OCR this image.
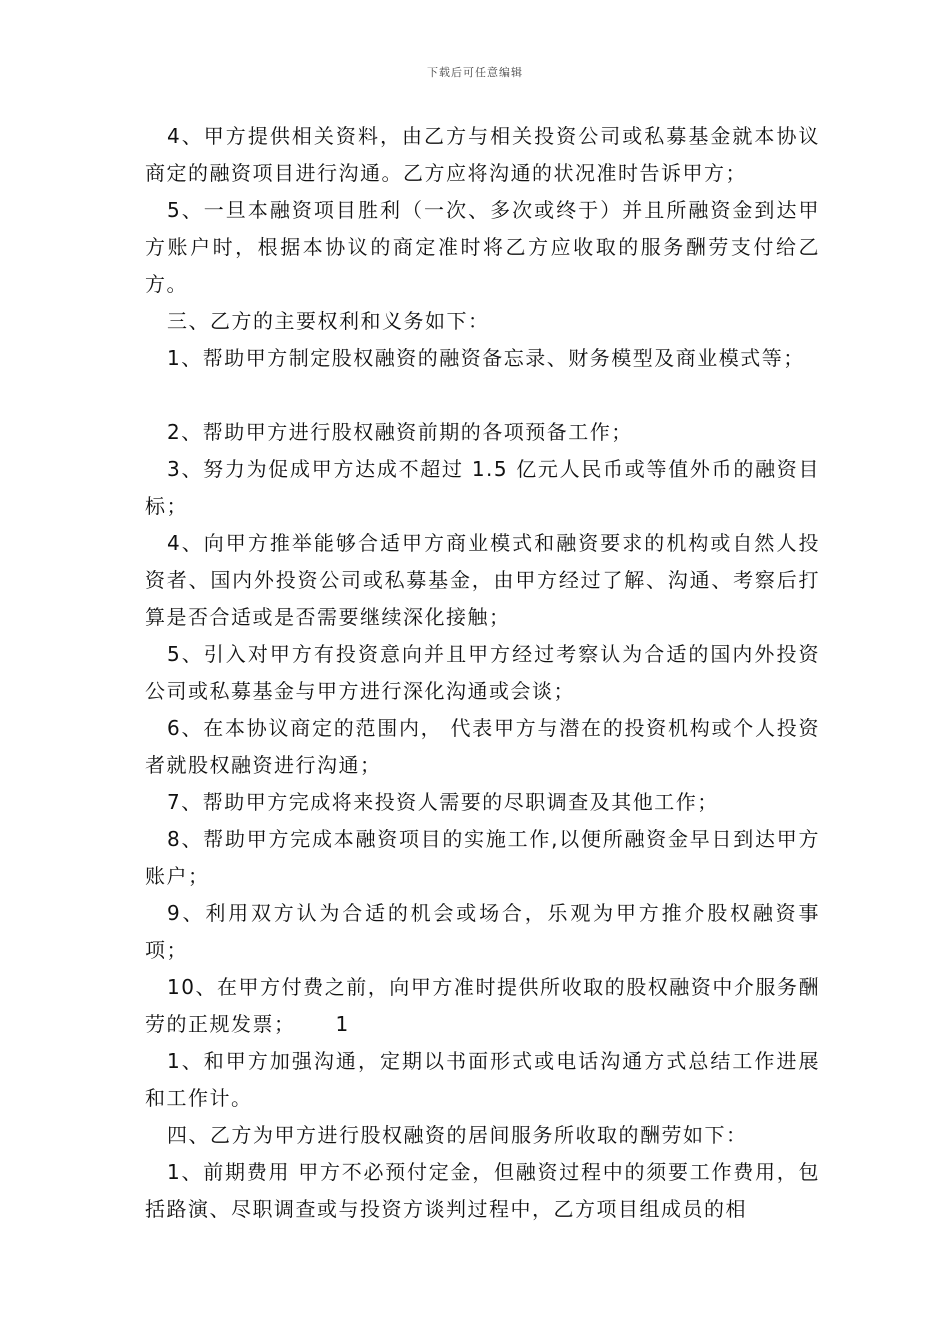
下载后可任意编辑

4、甲方提供相关资料，由乙方与相关投资公司或私募基金就本协议商定的融资项目进行沟通。乙方应将沟通的状况准时告诉甲方；

5、一旦本融资项目胜利（一次、多次或终于）并且所融资金到达甲方账户时，根据本协议的商定准时将乙方应收取的服务酬劳支付给乙方。

三、乙方的主要权利和义务如下：

1、帮助甲方制定股权融资的融资备忘录、财务模型及商业模式等；

2、帮助甲方进行股权融资前期的各项预备工作；

3、努力为促成甲方达成不超过 1.5 亿元人民币或等值外币的融资目标；

4、向甲方推举能够合适甲方商业模式和融资要求的机构或自然人投资者、国内外投资公司或私募基金，由甲方经过了解、沟通、考察后打算是否合适或是否需要继续深化接触；

5、引入对甲方有投资意向并且甲方经过考察认为合适的国内外投资公司或私募基金与甲方进行深化沟通或会谈；

6、在本协议商定的范围内， 代表甲方与潜在的投资机构或个人投资者就股权融资进行沟通；

7、帮助甲方完成将来投资人需要的尽职调查及其他工作；

8、帮助甲方完成本融资项目的实施工作,以便所融资金早日到达甲方账户；

9、利用双方认为合适的机会或场合，乐观为甲方推介股权融资事项；

10、在甲方付费之前，向甲方准时提供所收取的股权融资中介服务酬劳的正规发票； 1

1、和甲方加强沟通，定期以书面形式或电话沟通方式总结工作进展和工作计。

四、乙方为甲方进行股权融资的居间服务所收取的酬劳如下：

1、前期费用 甲方不必预付定金，但融资过程中的须要工作费用，包括路演、尽职调查或与投资方谈判过程中，乙方项目组成员的相
